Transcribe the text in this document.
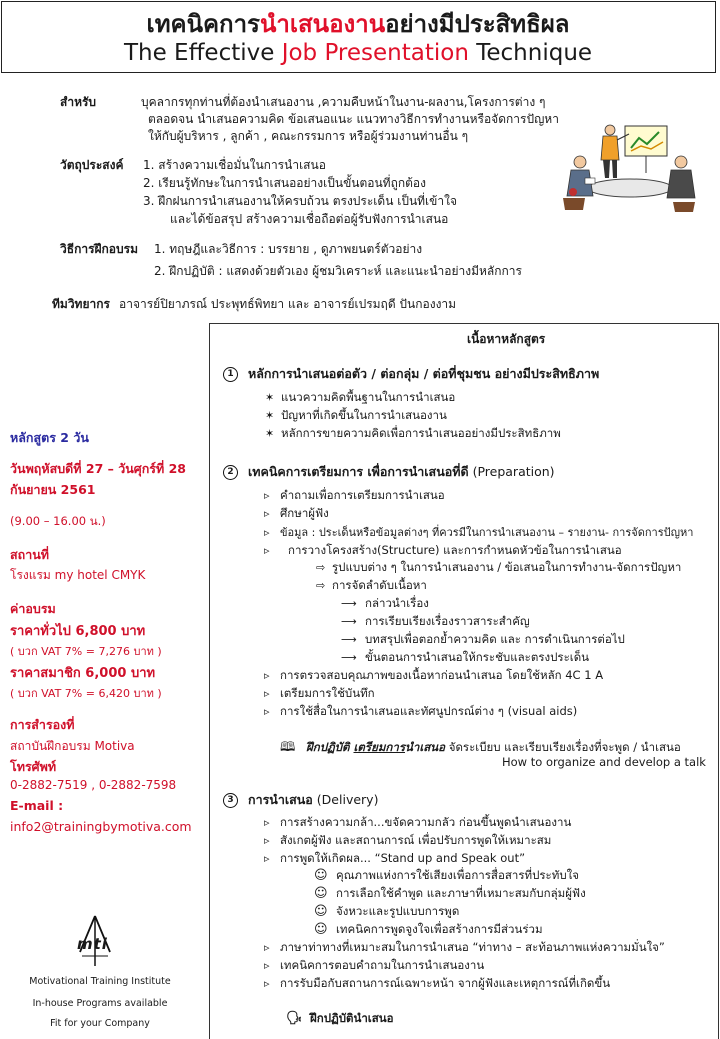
เทคนิคการนำเสนองานอย่างมีประสิทธิผล
The Effective Job Presentation Technique
สำหรับ	บุคลากรทุกท่านที่ต้องนำเสนองาน ,ความคืบหน้าในงาน-ผลงาน,โครงการต่าง ๆ
ตลอดจน นำเสนอความคิด ข้อเสนอแนะ แนวทางวิธีการทำงานหรือจัดการปัญหา
ให้กับผู้บริหาร , ลูกค้า , คณะกรรมการ หรือผู้ร่วมงานท่านอื่น ๆ
วัตถุประสงค์ 1. สร้างความเชื่อมั่นในการนำเสนอ
2. เรียนรู้ทักษะในการนำเสนออย่างเป็นขั้นตอนที่ถูกต้อง
3. ฝึกฝนการนำเสนองานให้ครบถ้วน ตรงประเด็น เป็นที่เข้าใจ
และได้ข้อสรุป สร้างความเชื่อถือต่อผู้รับฟังการนำเสนอ
วิธีการฝึกอบรม 1. ทฤษฎีและวิธีการ : บรรยาย , ดูภาพยนตร์ตัวอย่าง
2. ฝึกปฏิบัติ : แสดงด้วยตัวเอง ผู้ชมวิเคราะห์ และแนะนำอย่างมีหลักการ
ทีมวิทยากร อาจารย์ปิยาภรณ์ ประพุทธ์พิทยา และ อาจารย์เปรมฤดี ปันกองงาม
หลักสูตร 2 วัน
วันพฤหัสบดีที่ 27 – วันศุกร์ที่ 28
กันยายน 2561
(9.00 – 16.00 น.)
สถานที่
โรงแรม my hotel CMYK
ค่าอบรม
ราคาทั่วไป 6,800 บาท
( บวก VAT 7% = 7,276 บาท )
ราคาสมาชิก 6,000 บาท
( บวก VAT 7% = 6,420 บาท )
การสำรองที่
สถาบันฝึกอบรม Motiva
โทรศัพท์
0-2882-7519 , 0-2882-7598
E-mail :
info2@trainingbymotiva.com
mti
Motivational Training Institute
In-house Programs available
Fit for your Company
เนื้อหาหลักสูตร
1 หลักการนำเสนอต่อตัว / ต่อกลุ่ม / ต่อที่ชุมชน อย่างมีประสิทธิภาพ
✶ แนวความคิดพื้นฐานในการนำเสนอ
✶ ปัญหาที่เกิดขึ้นในการนำเสนองาน
✶ หลักการขายความคิดเพื่อการนำเสนออย่างมีประสิทธิภาพ
2 เทคนิคการเตรียมการ เพื่อการนำเสนอที่ดี (Preparation)
▹ คำถามเพื่อการเตรียมการนำเสนอ
▹ ศึกษาผู้ฟัง
▹ ข้อมูล : ประเด็นหรือข้อมูลต่างๆ ที่ควรมีในการนำเสนองาน – รายงาน- การจัดการปัญหา
▹ การวางโครงสร้าง(Structure) และการกำหนดหัวข้อในการนำเสนอ
⇨ รูปแบบต่าง ๆ ในการนำเสนองาน / ข้อเสนอในการทำงาน-จัดการปัญหา
⇨ การจัดลำดับเนื้อหา
⟶ กล่าวนำเรื่อง
⟶ การเรียบเรียงเรื่องราวสาระสำคัญ
⟶ บทสรุปเพื่อตอกย้ำความคิด และ การดำเนินการต่อไป
⟶ ขั้นตอนการนำเสนอให้กระชับและตรงประเด็น
▹ การตรวจสอบคุณภาพของเนื้อหาก่อนนำเสนอ โดยใช้หลัก 4C 1 A
▹ เตรียมการใช้บันทึก
▹ การใช้สื่อในการนำเสนอและทัศนูปกรณ์ต่าง ๆ (visual aids)
🕮 ฝึกปฏิบัติ เตรียมการนำเสนอ จัดระเบียบ และเรียบเรียงเรื่องที่จะพูด / นำเสนอ
How to organize and develop a talk
3 การนำเสนอ (Delivery)
▹ การสร้างความกล้า...ขจัดความกลัว ก่อนขึ้นพูดนำเสนองาน
▹ สังเกตผู้ฟัง และสถานการณ์ เพื่อปรับการพูดให้เหมาะสม
▹ การพูดให้เกิดผล... “Stand up and Speak out”
☺ คุณภาพแห่งการใช้เสียงเพื่อการสื่อสารที่ประทับใจ
☺ การเลือกใช้คำพูด และภาษาที่เหมาะสมกับกลุ่มผู้ฟัง
☺ จังหวะและรูปแบบการพูด
☺ เทคนิคการพูดจูงใจเพื่อสร้างการมีส่วนร่วม
▹ ภาษาท่าทางที่เหมาะสมในการนำเสนอ “ท่าทาง – สะท้อนภาพแห่งความมั่นใจ”
▹ เทคนิคการตอบคำถามในการนำเสนองาน
▹ การรับมือกับสถานการณ์เฉพาะหน้า จากผู้ฟังและเหตุการณ์ที่เกิดขึ้น
🗣 ฝึกปฏิบัตินำเสนอ
